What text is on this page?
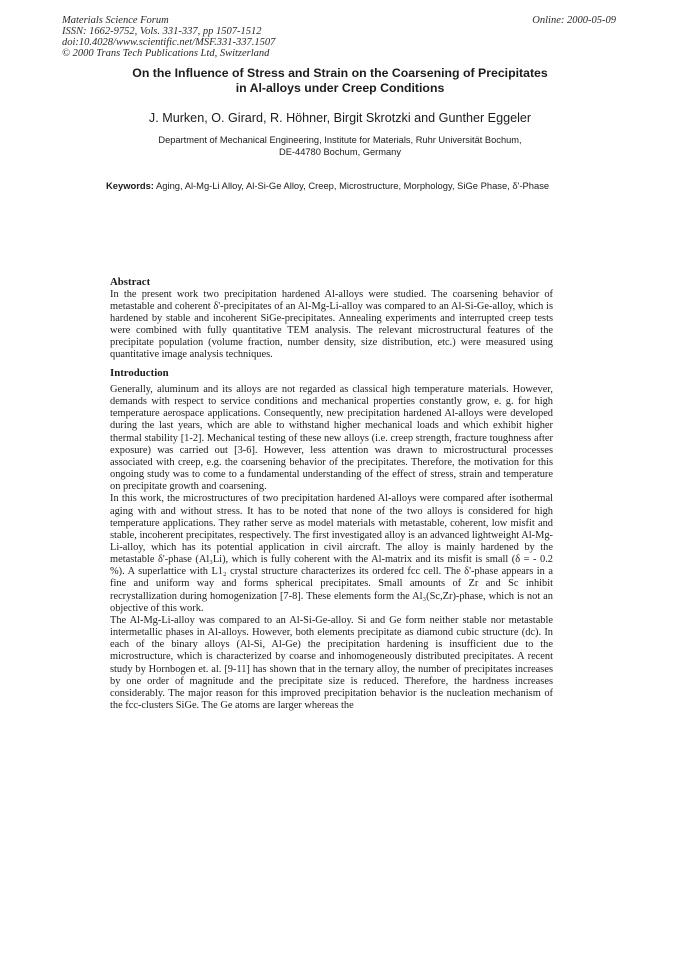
Materials Science Forum
ISSN: 1662-9752, Vols. 331-337, pp 1507-1512
doi:10.4028/www.scientific.net/MSF.331-337.1507
© 2000 Trans Tech Publications Ltd, Switzerland
Online: 2000-05-09
On the Influence of Stress and Strain on the Coarsening of Precipitates
in Al-alloys under Creep Conditions
J. Murken, O. Girard, R. Höhner, Birgit Skrotzki and Gunther Eggeler
Department of Mechanical Engineering, Institute for Materials, Ruhr Universität Bochum,
DE-44780 Bochum, Germany
Keywords: Aging, Al-Mg-Li Alloy, Al-Si-Ge Alloy, Creep, Microstructure, Morphology, SiGe Phase, δ'-Phase
Abstract

In the present work two precipitation hardened Al-alloys were studied. The coarsening behavior of metastable and coherent δ'-precipitates of an Al-Mg-Li-alloy was compared to an Al-Si-Ge-alloy, which is hardened by stable and incoherent SiGe-precipitates. Annealing experiments and interrupted creep tests were combined with fully quantitative TEM analysis. The relevant microstructural features of the precipitate population (volume fraction, number density, size distribution, etc.) were measured using quantitative image analysis techniques.

Introduction

Generally, aluminum and its alloys are not regarded as classical high temperature materials. However, demands with respect to service conditions and mechanical properties constantly grow, e. g. for high temperature aerospace applications. Consequently, new precipitation hardened Al-alloys were developed during the last years, which are able to withstand higher mechanical loads and which exhibit higher thermal stability [1-2]. Mechanical testing of these new alloys (i.e. creep strength, fracture toughness after exposure) was carried out [3-6]. However, less attention was drawn to microstructural processes associated with creep, e.g. the coarsening behavior of the precipitates. Therefore, the motivation for this ongoing study was to come to a fundamental understanding of the effect of stress, strain and temperature on precipitate growth and coarsening.

In this work, the microstructures of two precipitation hardened Al-alloys were compared after isothermal aging with and without stress. It has to be noted that none of the two alloys is considered for high temperature applications. They rather serve as model materials with metastable, coherent, low misfit and stable, incoherent precipitates, respectively. The first investigated alloy is an advanced lightweight Al-Mg-Li-alloy, which has its potential application in civil aircraft. The alloy is mainly hardened by the metastable δ'-phase (Al₃Li), which is fully coherent with the Al-matrix and its misfit is small (δ = - 0.2 %). A superlattice with L1₂ crystal structure characterizes its ordered fcc cell. The δ'-phase appears in a fine and uniform way and forms spherical precipitates. Small amounts of Zr and Sc inhibit recrystallization during homogenization [7-8]. These elements form the Al₃(Sc,Zr)-phase, which is not an objective of this work.

The Al-Mg-Li-alloy was compared to an Al-Si-Ge-alloy. Si and Ge form neither stable nor metastable intermetallic phases in Al-alloys. However, both elements precipitate as diamond cubic structure (dc). In each of the binary alloys (Al-Si, Al-Ge) the precipitation hardening is insufficient due to the microstructure, which is characterized by coarse and inhomogeneously distributed precipitates. A recent study by Hornbogen et. al. [9-11] has shown that in the ternary alloy, the number of precipitates increases by one order of magnitude and the precipitate size is reduced. Therefore, the hardness increases considerably. The major reason for this improved precipitation behavior is the nucleation mechanism of the fcc-clusters SiGe. The Ge atoms are larger whereas the
